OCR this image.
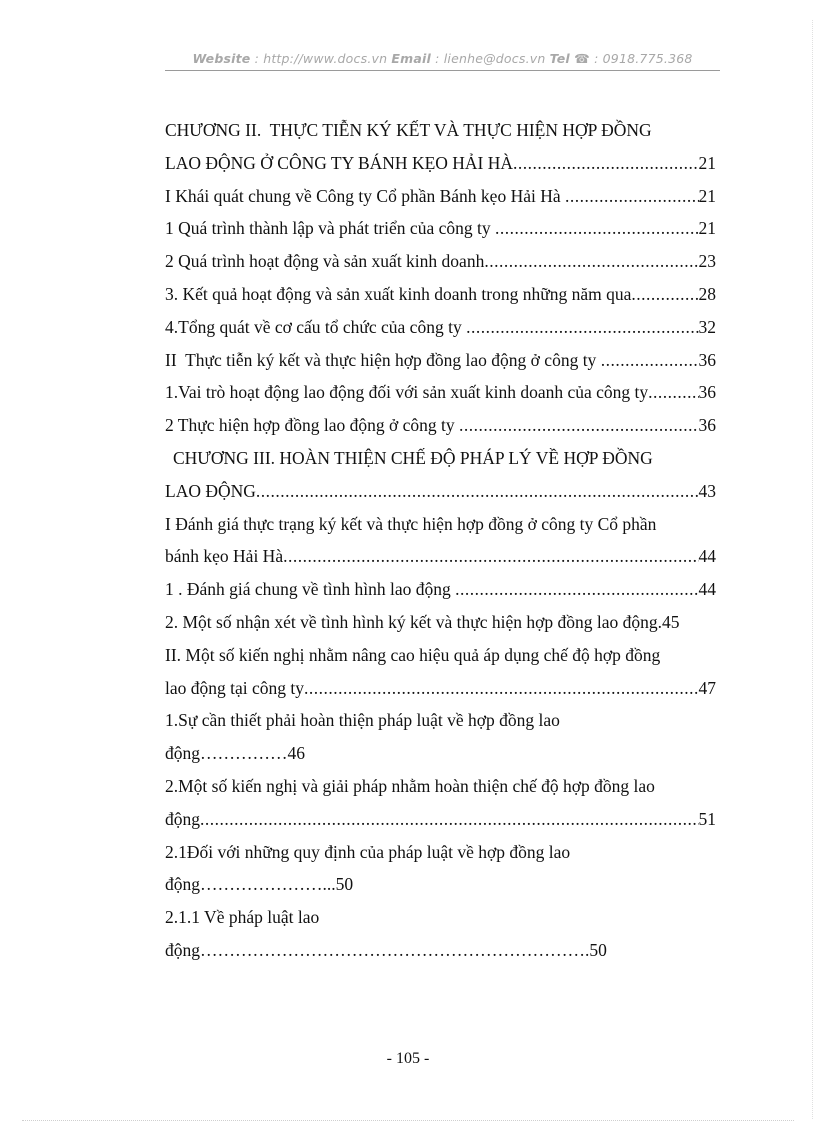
Website : http://www.docs.vn Email : lienhe@docs.vn Tel ☎ : 0918.775.368
CHƯƠNG II.  THỰC TIỄN KÝ KẾT VÀ THỰC HIỆN HỢP ĐỒNG
LAO ĐỘNG Ở CÔNG TY BÁNH KẸO HẢI HÀ .....	21
I Khái quát chung về Công ty Cổ phần Bánh kẹo Hải Hà .....	21
1 Quá trình thành lập và phát triển của công ty .....	21
2 Quá trình hoạt động và sản xuất kinh doanh .....	23
3. Kết quả hoạt động và sản xuất kinh doanh trong những năm qua .....	28
4.Tổng quát về cơ cấu tổ chức của công ty .....	32
II  Thực tiễn ký kết và thực hiện hợp đồng lao động ở công ty .....	36
1.Vai trò hoạt động lao động đối với sản xuất kinh doanh của công ty .....	36
2 Thực hiện hợp đồng lao động ở công ty .....	36
CHƯƠNG III. HOÀN THIỆN CHẾ ĐỘ PHÁP LÝ VỀ HỢP ĐỒNG
LAO ĐỘNG .....	43
I Đánh giá thực trạng ký kết và thực hiện hợp đồng ở công ty Cổ phần
bánh kẹo Hải Hà .....	44
1 . Đánh giá chung về tình hình lao động .....	44
2. Một số nhận xét về tình hình ký kết và thực hiện hợp đồng lao động .45
II. Một số kiến nghị nhằm nâng cao hiệu quả áp dụng chế độ hợp đồng
lao động tại công ty .....	47
1.Sự cần thiết phải hoàn thiện pháp luật về hợp đồng lao
động……………46
2.Một số kiến nghị và giải pháp nhằm hoàn thiện chế độ hợp đồng lao
động .....	51
2.1Đối với những quy định của pháp luật về hợp đồng lao
động…………………...50
2.1.1 Về pháp luật lao
động………………………………………………………….50
- 105 -
